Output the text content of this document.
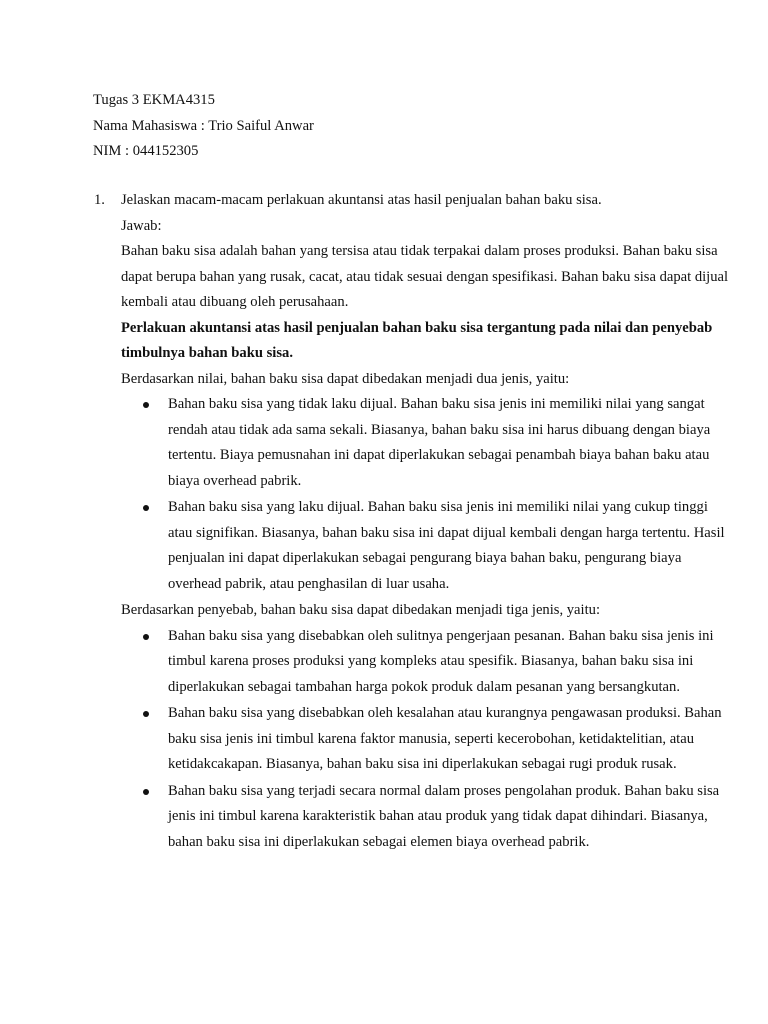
Tugas 3 EKMA4315
Nama Mahasiswa : Trio Saiful Anwar
NIM : 044152305
1. Jelaskan macam-macam perlakuan akuntansi atas hasil penjualan bahan baku sisa.

Jawab:

Bahan baku sisa adalah bahan yang tersisa atau tidak terpakai dalam proses produksi. Bahan baku sisa dapat berupa bahan yang rusak, cacat, atau tidak sesuai dengan spesifikasi. Bahan baku sisa dapat dijual kembali atau dibuang oleh perusahaan.

Perlakuan akuntansi atas hasil penjualan bahan baku sisa tergantung pada nilai dan penyebab timbulnya bahan baku sisa.

Berdasarkan nilai, bahan baku sisa dapat dibedakan menjadi dua jenis, yaitu:

Bahan baku sisa yang tidak laku dijual. Bahan baku sisa jenis ini memiliki nilai yang sangat rendah atau tidak ada sama sekali. Biasanya, bahan baku sisa ini harus dibuang dengan biaya tertentu. Biaya pemusnahan ini dapat diperlakukan sebagai penambah biaya bahan baku atau biaya overhead pabrik.
Bahan baku sisa yang laku dijual. Bahan baku sisa jenis ini memiliki nilai yang cukup tinggi atau signifikan. Biasanya, bahan baku sisa ini dapat dijual kembali dengan harga tertentu. Hasil penjualan ini dapat diperlakukan sebagai pengurang biaya bahan baku, pengurang biaya overhead pabrik, atau penghasilan di luar usaha.

Berdasarkan penyebab, bahan baku sisa dapat dibedakan menjadi tiga jenis, yaitu:

Bahan baku sisa yang disebabkan oleh sulitnya pengerjaan pesanan. Bahan baku sisa jenis ini timbul karena proses produksi yang kompleks atau spesifik. Biasanya, bahan baku sisa ini diperlakukan sebagai tambahan harga pokok produk dalam pesanan yang bersangkutan.
Bahan baku sisa yang disebabkan oleh kesalahan atau kurangnya pengawasan produksi. Bahan baku sisa jenis ini timbul karena faktor manusia, seperti kecerobohan, ketidaktelitian, atau ketidakcakapan. Biasanya, bahan baku sisa ini diperlakukan sebagai rugi produk rusak.
Bahan baku sisa yang terjadi secara normal dalam proses pengolahan produk. Bahan baku sisa jenis ini timbul karena karakteristik bahan atau produk yang tidak dapat dihindari. Biasanya, bahan baku sisa ini diperlakukan sebagai elemen biaya overhead pabrik.
